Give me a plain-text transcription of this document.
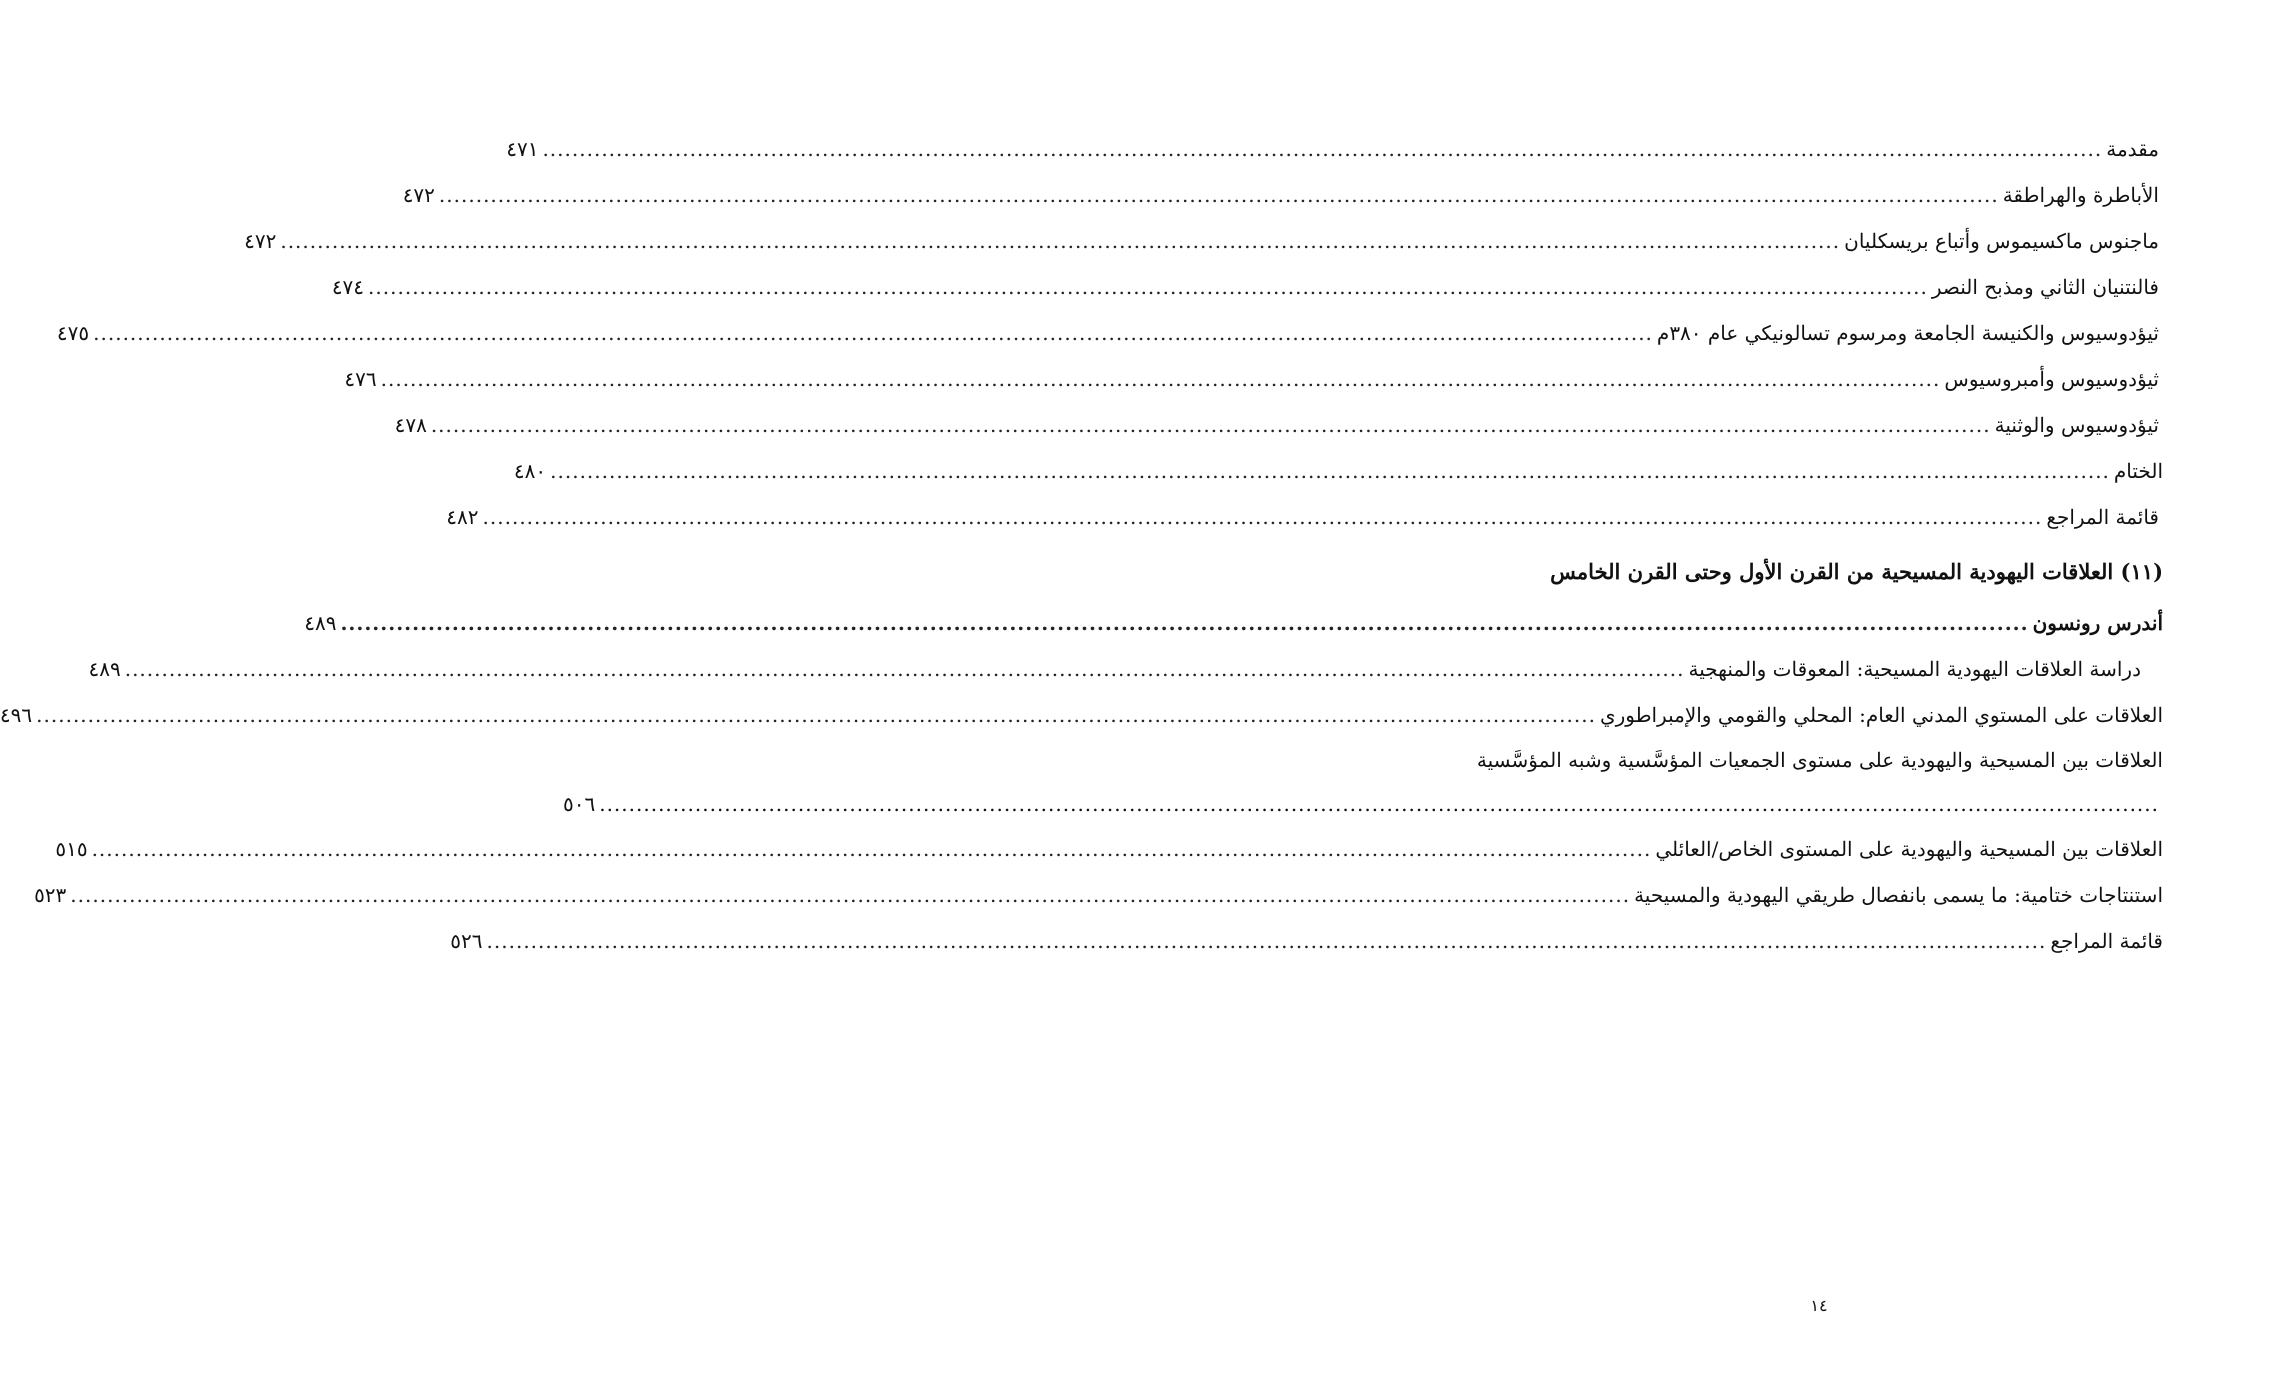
مقدمة
.....
٤٧١
الأباطرة والهراطقة
.....
٤٧٢
ماجنوس ماكسيموس وأتباع بريسكليان
.....
٤٧٢
فالنتنيان الثاني ومذبح النصر
.....
٤٧٤
ثيؤدوسيوس والكنيسة الجامعة ومرسوم تسالونيكي عام ٣٨٠م
.....
٤٧٥
ثيؤدوسيوس وأمبروسيوس
.....
٤٧٦
ثيؤدوسيوس والوثنية
.....
٤٧٨
الختام
.....
٤٨٠
قائمة المراجع
.....
٤٨٢
(١١) العلاقات اليهودية المسيحية من القرن الأول وحتى القرن الخامس
أندرس رونسون
.....
٤٨٩
دراسة العلاقات اليهودية المسيحية: المعوقات والمنهجية
.....
٤٨٩
العلاقات على المستوي المدني العام: المحلي والقومي والإمبراطوري
.....
٤٩٦
العلاقات بين المسيحية واليهودية على مستوى الجمعيات المؤسَّسية وشبه المؤسَّسية
.....
٥٠٦
العلاقات بين المسيحية واليهودية على المستوى الخاص/العائلي
.....
٥١٥
استنتاجات ختامية: ما يسمى بانفصال طريقي اليهودية والمسيحية
.....
٥٢٣
قائمة المراجع
.....
٥٢٦
١٤
